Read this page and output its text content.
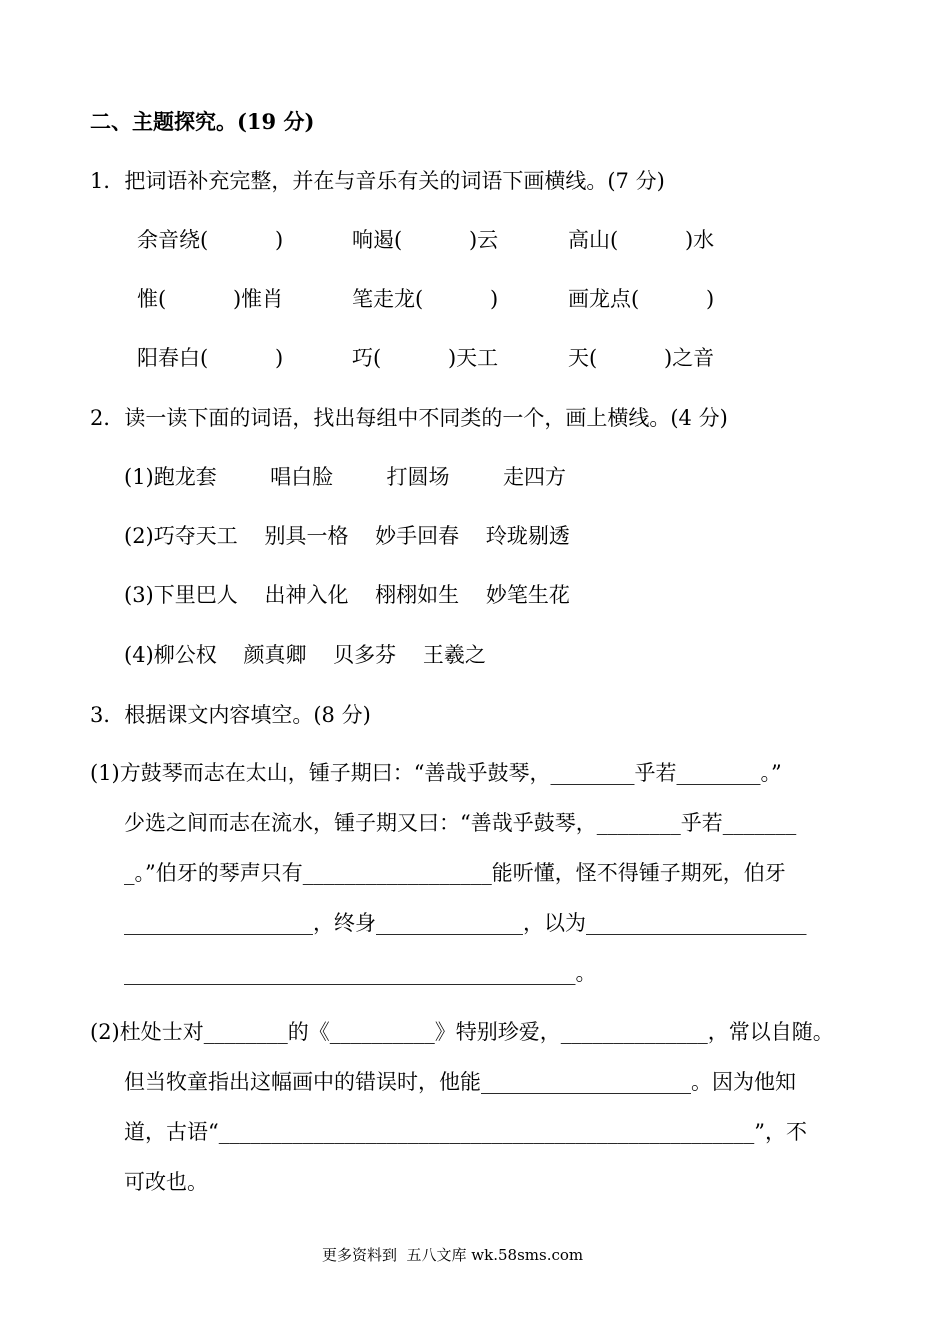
二、主题探究。(19 分)
1．把词语补充完整，并在与音乐有关的词语下画横线。(7 分)
余音绕(          )	响遏(          )云	高山(          )水
惟(          )惟肖	笔走龙(          )	画龙点(          )
阳春白(          )	巧(          )天工	天(          )之音
2．读一读下面的词语，找出每组中不同类的一个，画上横线。(4 分)
(1)跑龙套        唱白脸        打圆场        走四方
(2)巧夺天工    别具一格    妙手回春    玲珑剔透
(3)下里巴人    出神入化    栩栩如生    妙笔生花
(4)柳公权    颜真卿    贝多芬    王羲之
3．根据课文内容填空。(8 分)
(1)方鼓琴而志在太山，锺子期曰：“善哉乎鼓琴，________乎若________。”
少选之间而志在流水，锺子期又曰：“善哉乎鼓琴，________乎若_______
_。”伯牙的琴声只有__________________能听懂，怪不得锺子期死，伯牙
__________________，终身______________，以为_____________________
___________________________________________。
(2)杜处士对________的《__________》特别珍爱，______________，常以自随。
但当牧童指出这幅画中的错误时，他能____________________。因为他知
道，古语“___________________________________________________”，不
可改也。
更多资料到  五八文库 wk.58sms.com
